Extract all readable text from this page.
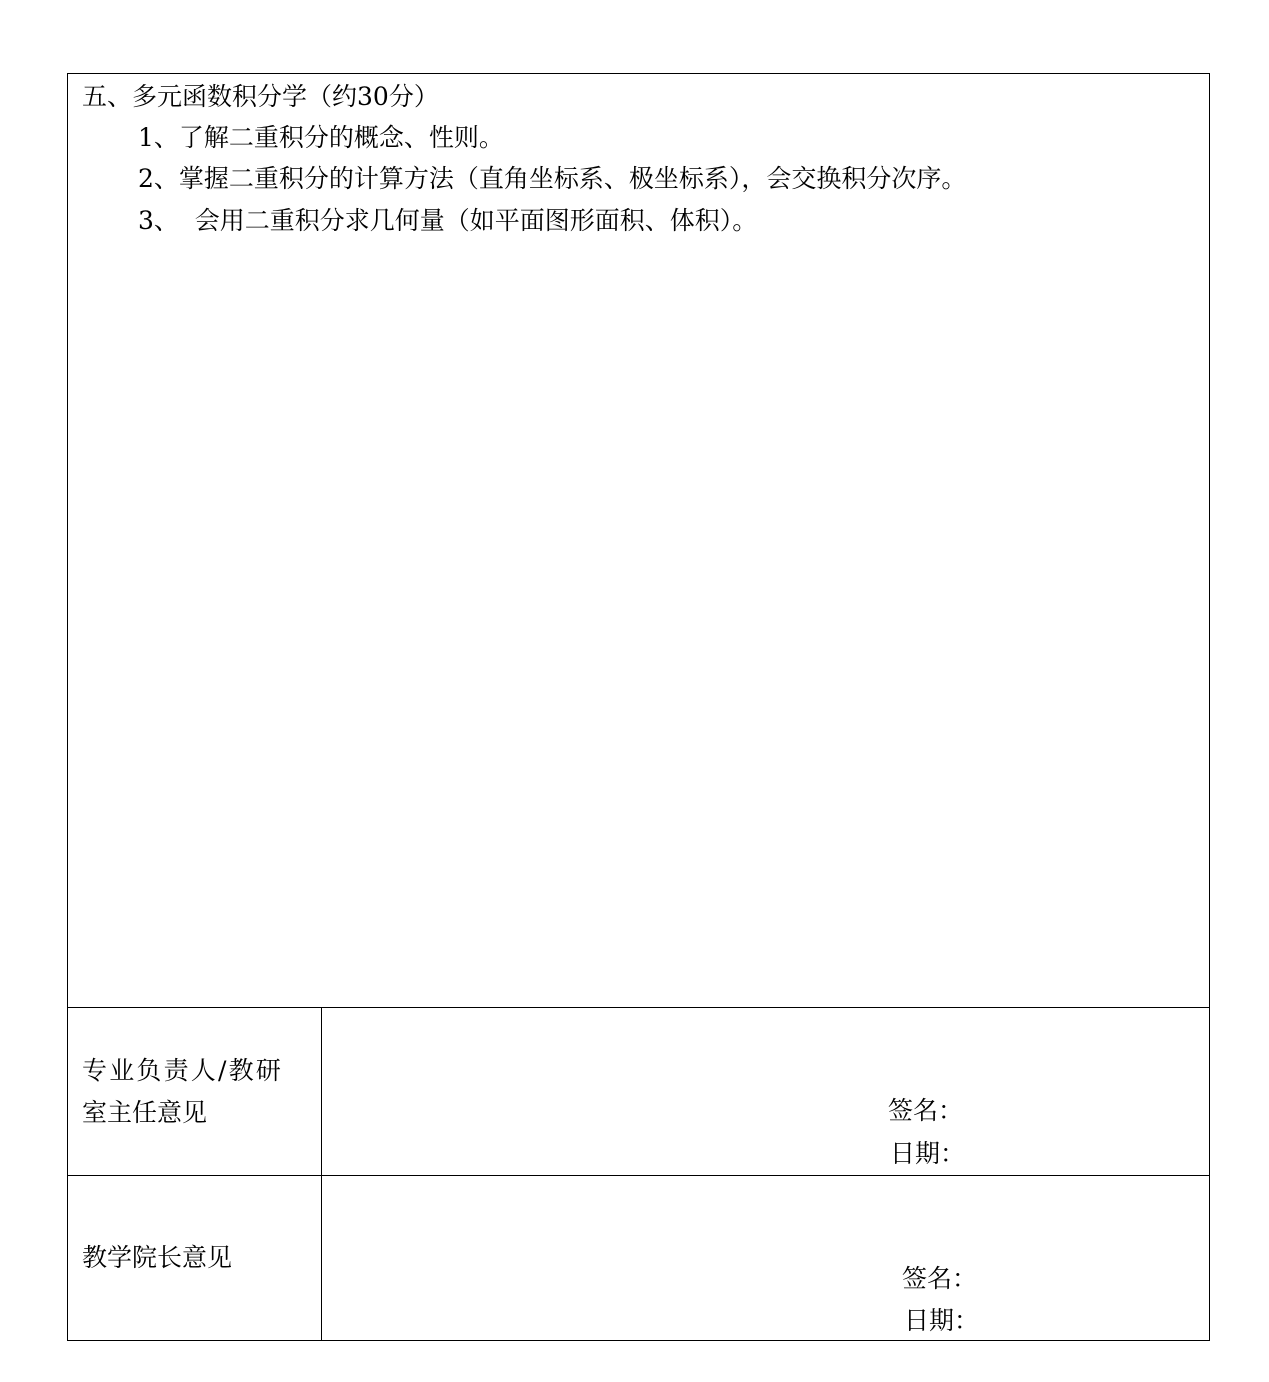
五、多元函数积分学（约30分）
1、了解二重积分的概念、性则。
2、掌握二重积分的计算方法（直角坐标系、极坐标系），会交换积分次序。
3、  会用二重积分求几何量（如平面图形面积、体积）。
专业负责人/教研
室主任意见	签名：
日期：
教学院长意见
签名：
日期：
